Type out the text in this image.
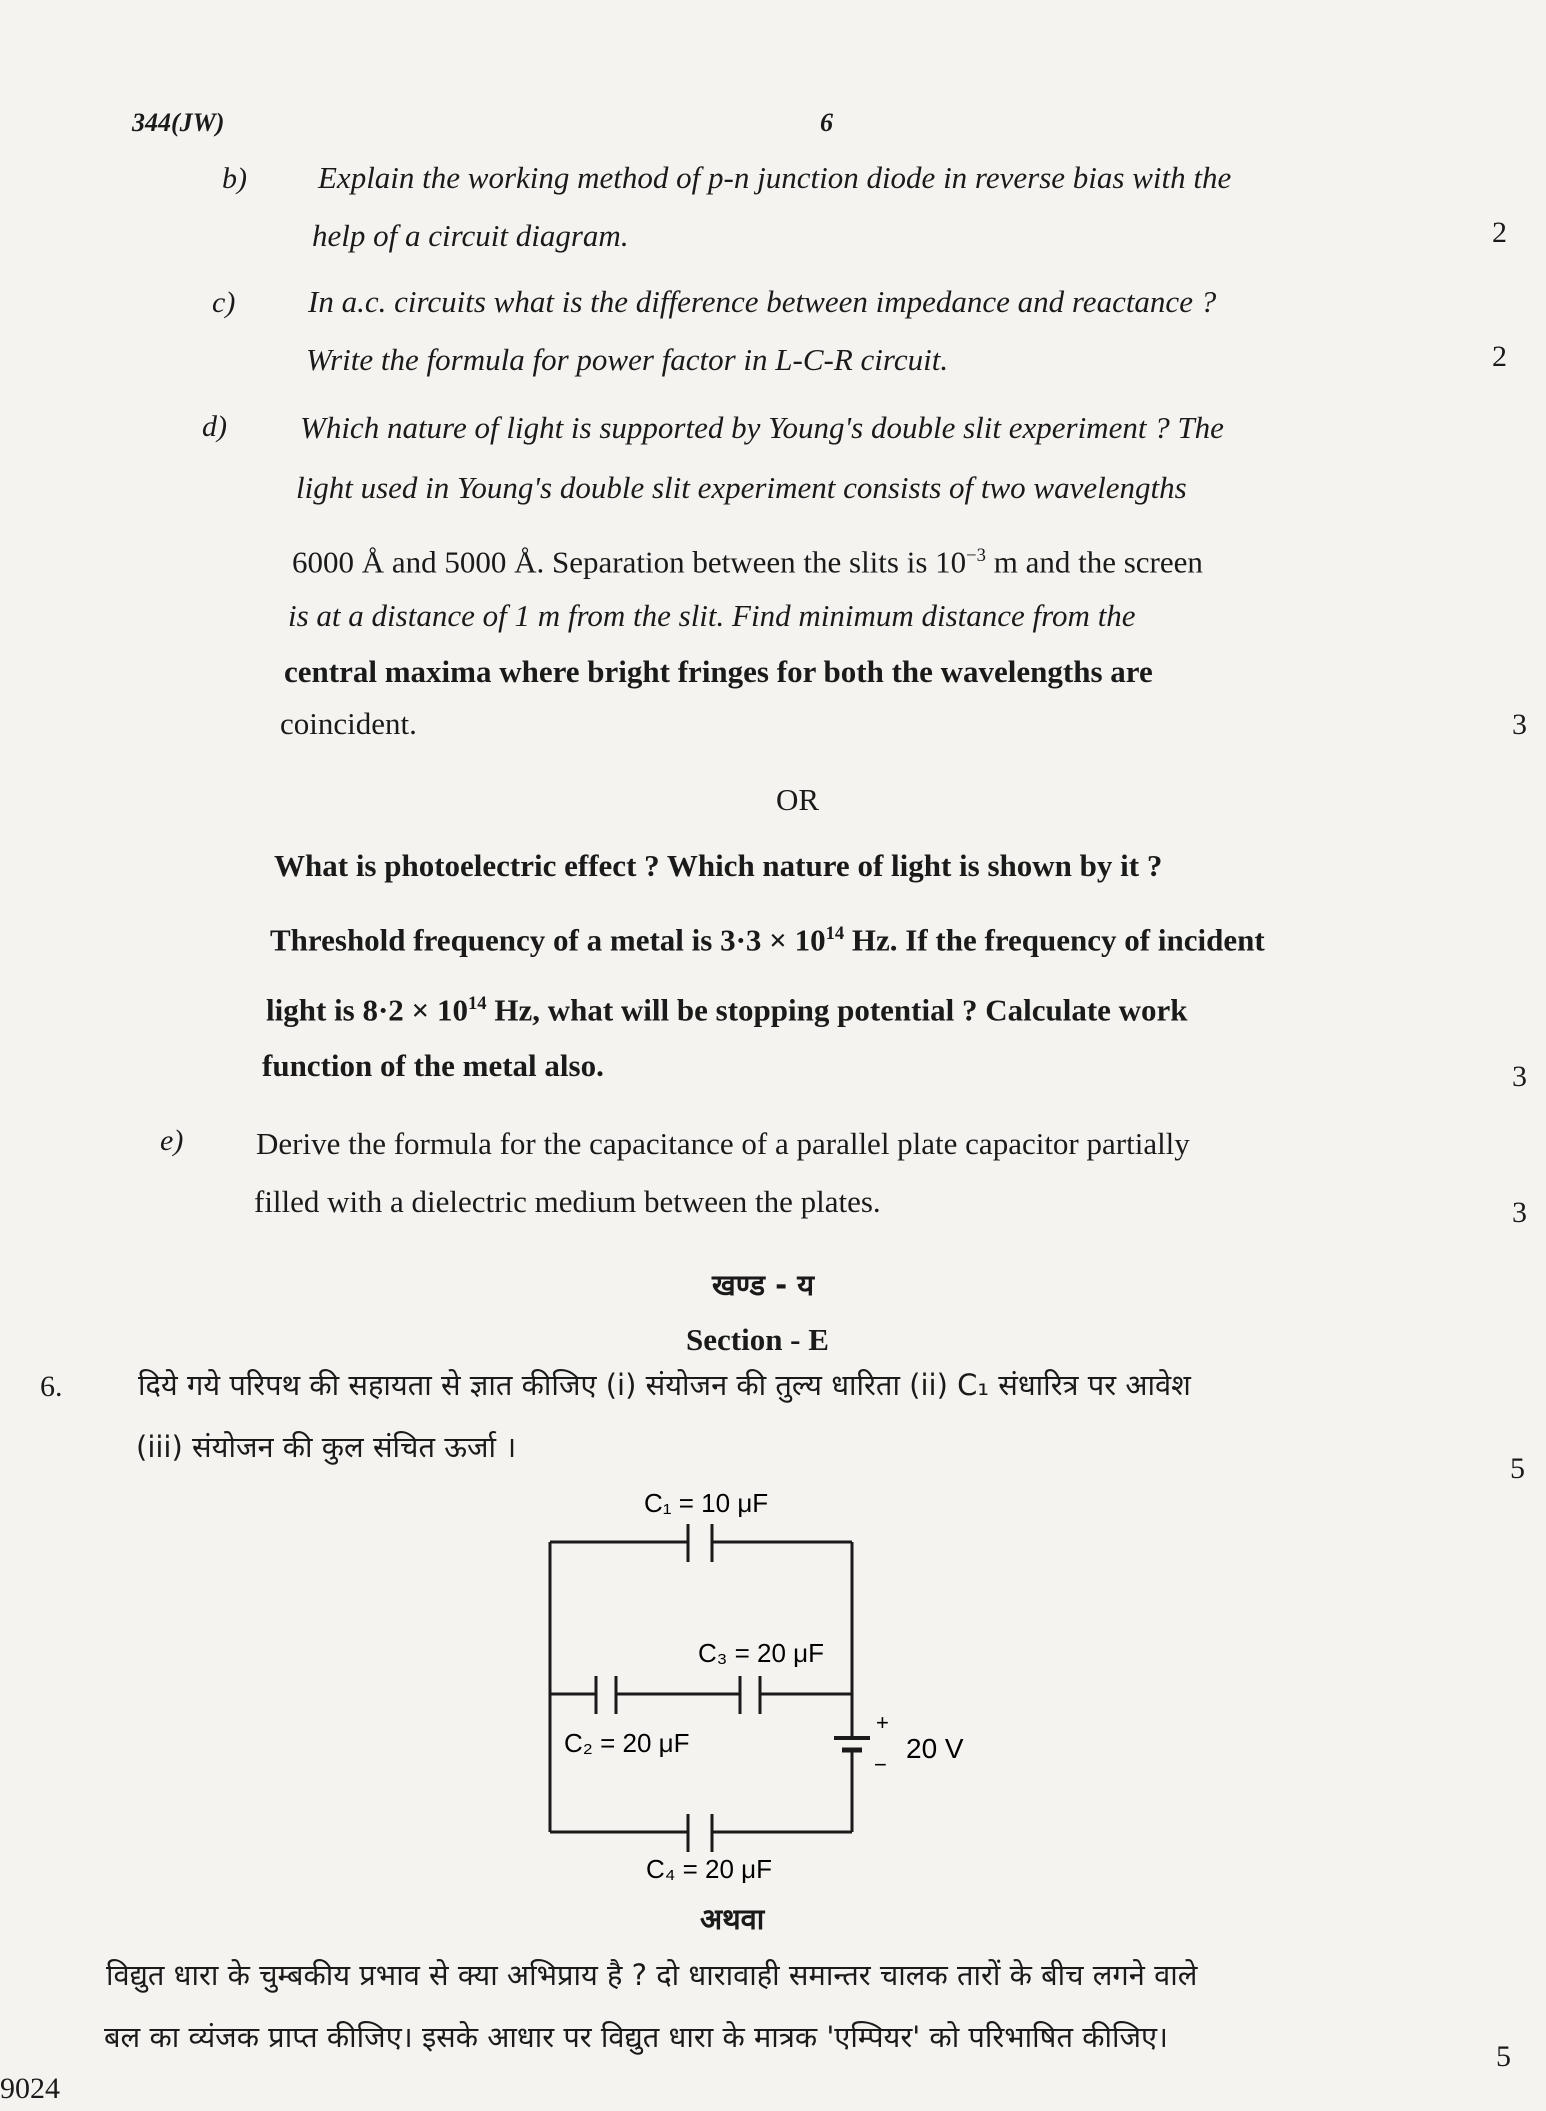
344(JW)	6
b) Explain the working method of p-n junction diode in reverse bias with the
help of a circuit diagram.	2
c) In a.c. circuits what is the difference between impedance and reactance ?
Write the formula for power factor in L-C-R circuit.	2
d) Which nature of light is supported by Young's double slit experiment ? The
light used in Young's double slit experiment consists of two wavelengths
6000 Å and 5000 Å. Separation between the slits is $10^{-3}$ m and the screen
is at a distance of 1 m from the slit. Find minimum distance from the
central maxima where bright fringes for both the wavelengths are
coincident.	3
OR
What is photoelectric effect ? Which nature of light is shown by it ?
Threshold frequency of a metal is $3\cdot 3 \times 10^{14}$ Hz. If the frequency of incident
light is $8\cdot 2 \times 10^{14}$ Hz, what will be stopping potential ? Calculate work
function of the metal also.	3
e) Derive the formula for the capacitance of a parallel plate capacitor partially
filled with a dielectric medium between the plates.	3
खण्ड - य
Section - E
6.	दिये गये परिपथ की सहायता से ज्ञात कीजिए (i) संयोजन की तुल्य धारिता (ii) C₁ संधारित्र पर आवेश
(iii) संयोजन की कुल संचित ऊर्जा ।
5
C₁ = 10 μF
C₃ = 20 μF
C₂ = 20 μF
C₄ = 20 μF
20 V
+
−
अथवा
विद्युत धारा के चुम्बकीय प्रभाव से क्या अभिप्राय है ? दो धारावाही समान्तर चालक तारों के बीच लगने वाले
बल का व्यंजक प्राप्त कीजिए। इसके आधार पर विद्युत धारा के मात्रक 'एम्पियर' को परिभाषित कीजिए।
5
9024
